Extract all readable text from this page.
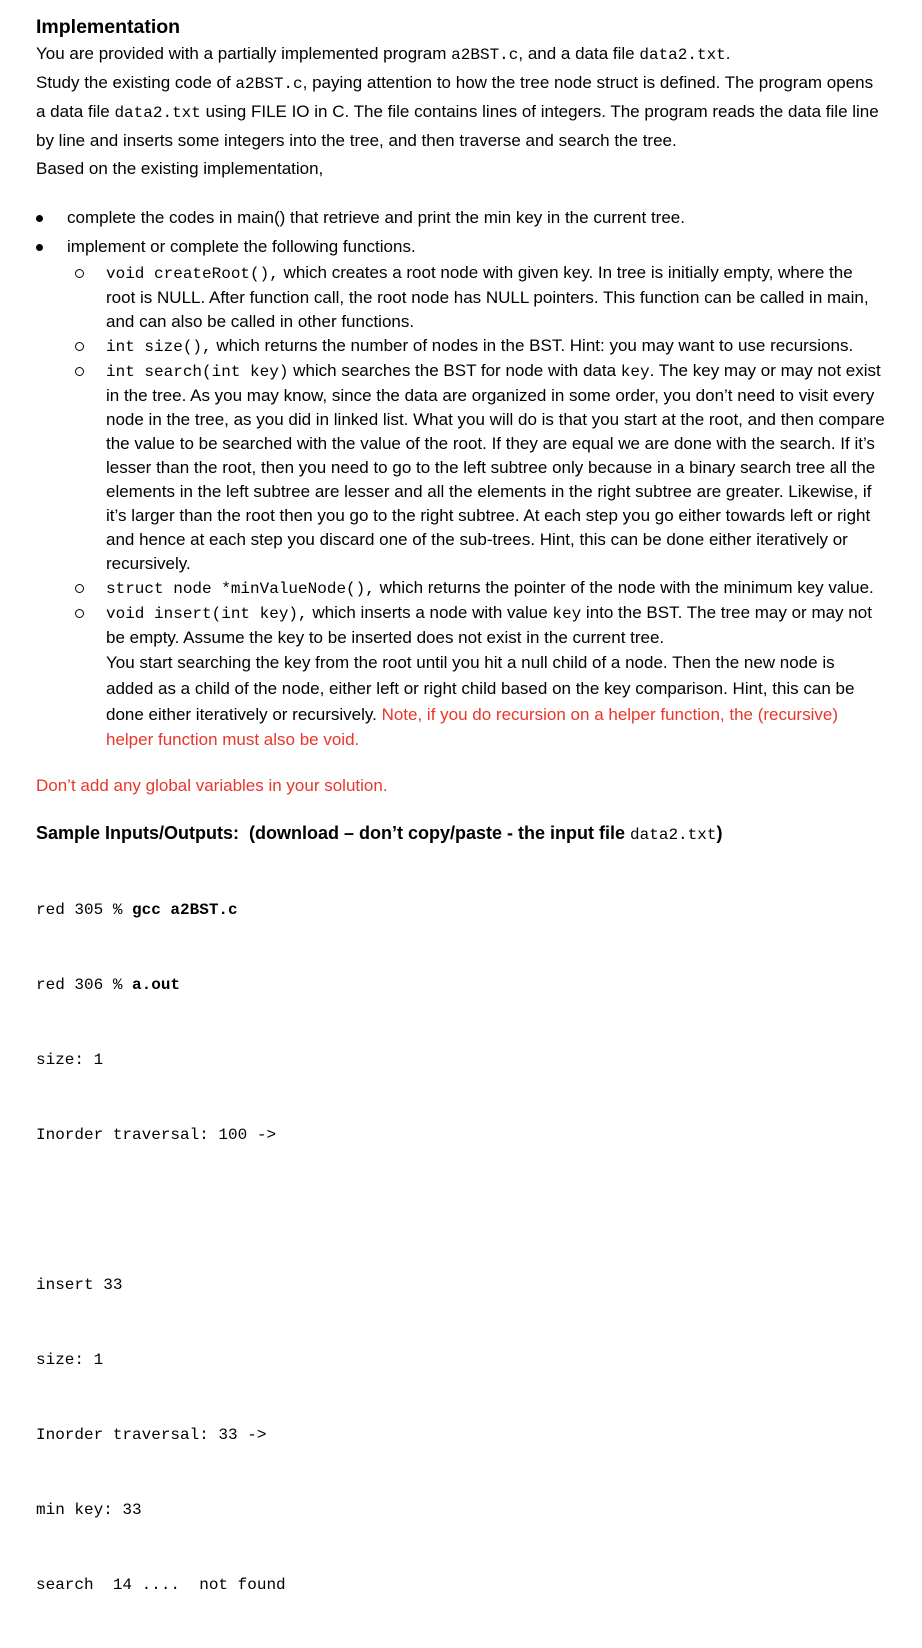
Implementation
You are provided with a partially implemented program a2BST.c, and a data file data2.txt.
Study the existing code of a2BST.c, paying attention to how the tree node struct is defined. The program opens a data file data2.txt using FILE IO in C. The file contains lines of integers. The program reads the data file line by line and inserts some integers into the tree, and then traverse and search the tree.
Based on the existing implementation,
complete the codes in main() that retrieve and print the min key in the current tree.
implement or complete the following functions.
void createRoot(), which creates a root node with given key. In tree is initially empty, where the root is NULL. After function call, the root node has NULL pointers. This function can be called in main, and can also be called in other functions.
int size(), which returns the number of nodes in the BST. Hint: you may want to use recursions.
int search(int key) which searches the BST for node with data key. The key may or may not exist in the tree. As you may know, since the data are organized in some order, you don’t need to visit every node in the tree, as you did in linked list. What you will do is that you start at the root, and then compare the value to be searched with the value of the root. If they are equal we are done with the search. If it’s lesser than the root, then you need to go to the left subtree only because in a binary search tree all the elements in the left subtree are lesser and all the elements in the right subtree are greater. Likewise, if it’s larger than the root then you go to the right subtree. At each step you go either towards left or right and hence at each step you discard one of the sub-trees. Hint, this can be done either iteratively or recursively.
struct node *minValueNode(), which returns the pointer of the node with the minimum key value.
void insert(int key), which inserts a node with value key into the BST. The tree may or may not be empty. Assume the key to be inserted does not exist in the current tree.
You start searching the key from the root until you hit a null child of a node. Then the new node is added as a child of the node, either left or right child based on the key comparison. Hint, this can be done either iteratively or recursively. Note, if you do recursion on a helper function, the (recursive) helper function must also be void.
Don’t add any global variables in your solution.
Sample Inputs/Outputs: (download – don’t copy/paste - the input file data2.txt)

red 305 % gcc a2BST.c

red 306 % a.out

size: 1

Inorder traversal: 100 ->

insert 33

size: 1

Inorder traversal: 33 ->

min key: 33

search  14 ....  not found
